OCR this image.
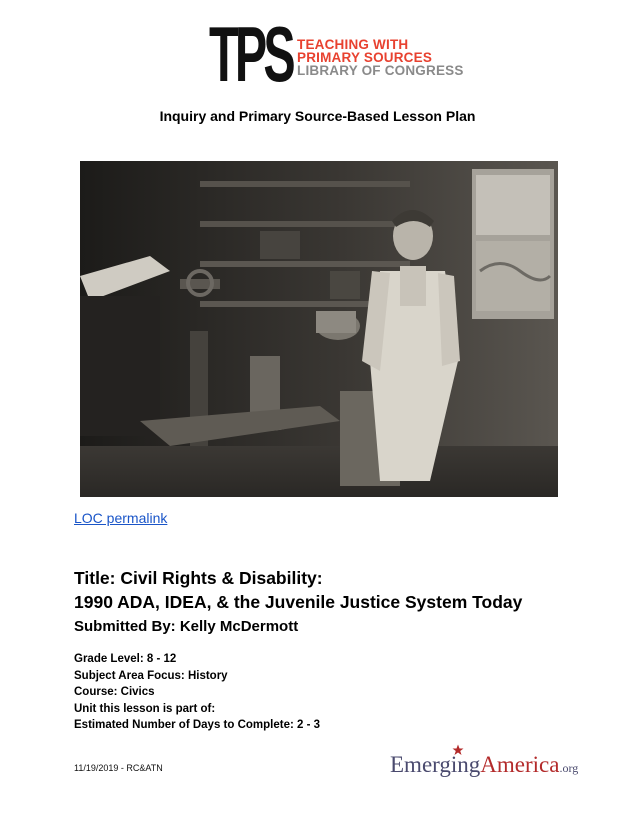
TPS TEACHING WITH
PRIMARY SOURCES
LIBRARY OF CONGRESS
Inquiry and Primary Source-Based Lesson Plan
LOC permalink
Title: Civil Rights & Disability:
1990 ADA, IDEA, & the Juvenile Justice System Today
Submitted By: Kelly McDermott
Grade Level: 8 - 12
Subject Area Focus: History
Course: Civics
Unit this lesson is part of:
Estimated Number of Days to Complete: 2 - 3
11/19/2019 - RC&ATN	Emerging America .org
